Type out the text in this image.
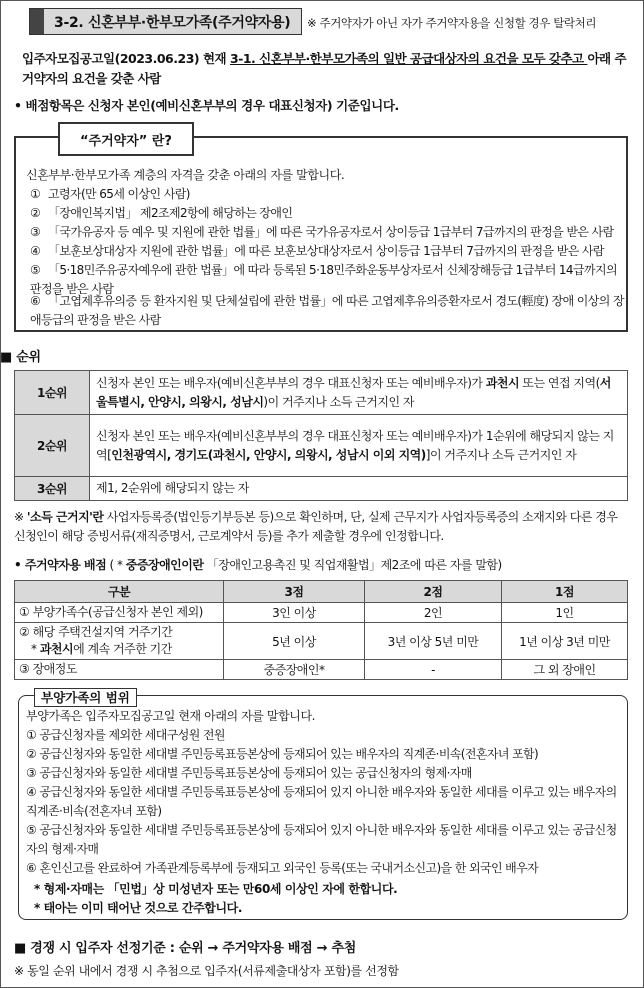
3-2. 신혼부부·한부모가족(주거약자용) ※ 주거약자가 아닌 자가 주거약자용을 신청할 경우 탈락처리
입주자모집공고일(2023.06.23) 현재 3-1. 신혼부부·한부모가족의 일반 공급대상자의 요건을 모두 갖추고 아래 주거약자의 요건을 갖춘 사람
• 배점항목은 신청자 본인(예비신혼부부의 경우 대표신청자) 기준입니다.
“주거약자” 란?
신혼부부·한부모가족 계층의 자격을 갖춘 아래의 자를 말합니다.
① 고령자(만 65세 이상인 사람)
② 「장애인복지법」 제2조제2항에 해당하는 장애인
③ 「국가유공자 등 예우 및 지원에 관한 법률」에 따른 국가유공자로서 상이등급 1급부터 7급까지의 판정을 받은 사람
④ 「보훈보상대상자 지원에 관한 법률」에 따른 보훈보상대상자로서 상이등급 1급부터 7급까지의 판정을 받은 사람
⑤ 「5·18민주유공자예우에 관한 법률」에 따라 등록된 5·18민주화운동부상자로서 신체장해등급 1급부터 14급까지의 판정을 받은 사람
⑥ 「고엽제후유의증 등 환자지원 및 단체설립에 관한 법률」에 따른 고엽제후유의증환자로서 경도(輕度) 장애 이상의 장애등급의 판정을 받은 사람
■ 순위
1순위	신청자 본인 또는 배우자(예비신혼부부의 경우 대표신청자 또는 예비배우자)가 과천시 또는 연접 지역(서울특별시, 안양시, 의왕시, 성남시)이 거주지나 소득 근거지인 자
2순위	신청자 본인 또는 배우자(예비신혼부부의 경우 대표신청자 또는 예비배우자)가 1순위에 해당되지 않는 지역[인천광역시, 경기도(과천시, 안양시, 의왕시, 성남시 이외 지역)]이 거주지나 소득 근거지인 자
3순위	제1, 2순위에 해당되지 않는 자
※ '소득 근거지'란 사업자등록증(법인등기부등본 등)으로 확인하며, 단, 실제 근무지가 사업자등록증의 소재지와 다른 경우 신청인이 해당 증빙서류(재직증명서, 근로계약서 등)를 추가 제출할 경우에 인정합니다.
• 주거약자용 배점 ( * 중증장애인이란 「장애인고용촉진 및 직업재활법」제2조에 따른 자를 말함)
구분	3점	2점	1점
① 부양가족수(공급신청자 본인 제외)	3인 이상	2인	1인

② 해당 주택건설지역 거주기간
* 과천시에 계속 거주한 기간	5년 이상	3년 이상 5년 미만	1년 이상 3년 미만
③ 장애정도	중증장애인*	-	그 외 장애인
부양가족의 범위
부양가족은 입주자모집공고일 현재 아래의 자를 말합니다.
① 공급신청자를 제외한 세대구성원 전원
② 공급신청자와 동일한 세대별 주민등록표등본상에 등재되어 있는 배우자의 직계존·비속(전혼자녀 포함)
③ 공급신청자와 동일한 세대별 주민등록표등본상에 등재되어 있는 공급신청자의 형제·자매
④ 공급신청자와 동일한 세대별 주민등록표등본상에 등재되어 있지 아니한 배우자와 동일한 세대를 이루고 있는 배우자의 직계존·비속(전혼자녀 포함)
⑤ 공급신청자와 동일한 세대별 주민등록표등본상에 등재되어 있지 아니한 배우자와 동일한 세대를 이루고 있는 공급신청자의 형제·자매
⑥ 혼인신고를 완료하여 가족관계등록부에 등재되고 외국인 등록(또는 국내거소신고)을 한 외국인 배우자
* 형제·자매는 「민법」상 미성년자 또는 만60세 이상인 자에 한합니다.
* 태아는 이미 태어난 것으로 간주합니다.
■ 경쟁 시 입주자 선정기준 : 순위 → 주거약자용 배점 → 추첨
※ 동일 순위 내에서 경쟁 시 추첨으로 입주자(서류제출대상자 포함)를 선정함
